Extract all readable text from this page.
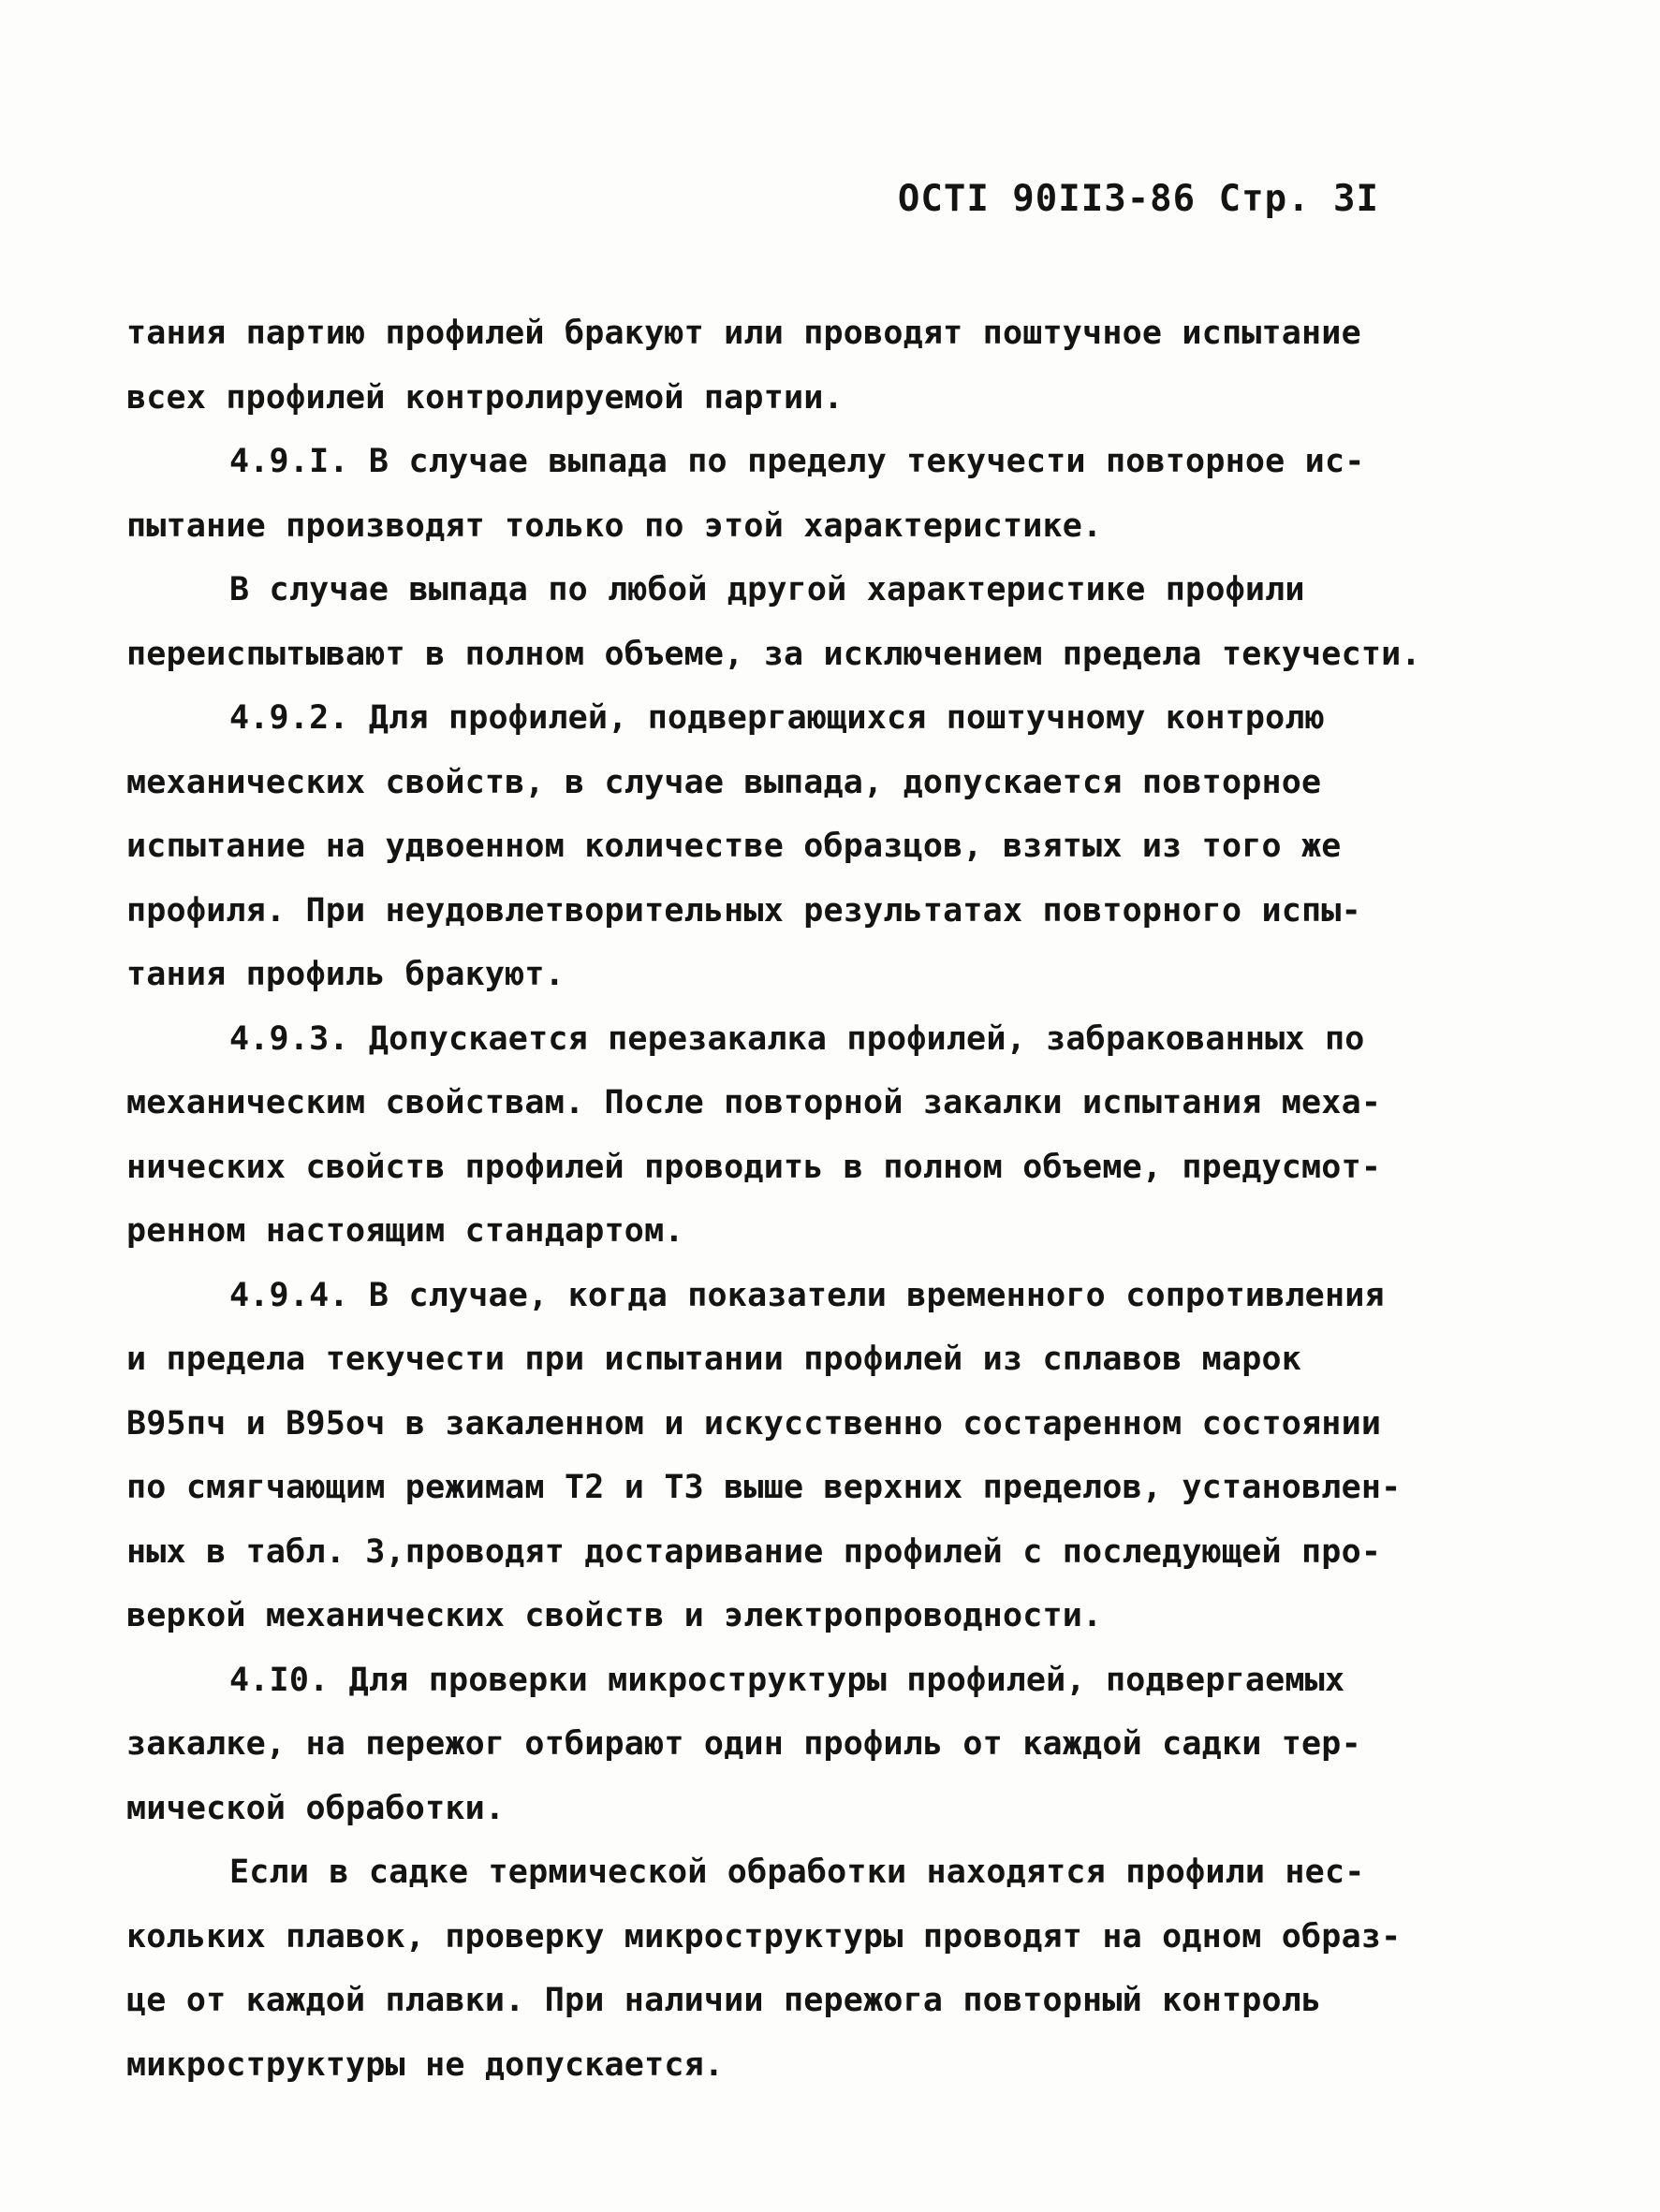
ОСТI 90II3-86 Стр. 3I
тания партию профилей бракуют или проводят поштучное испытание
всех профилей контролируемой партии.
4.9.I. В случае выпада по пределу текучести повторное ис-
пытание производят только по этой характеристике.
В случае выпада по любой другой характеристике профили
переиспытывают в полном объеме, за исключением предела текучести.
4.9.2. Для профилей, подвергающихся поштучному контролю
механических свойств, в случае выпада, допускается повторное
испытание на удвоенном количестве образцов, взятых из того же
профиля. При неудовлетворительных результатах повторного испы-
тания профиль бракуют.
4.9.3. Допускается перезакалка профилей, забракованных по
механическим свойствам. После повторной закалки испытания меха-
нических свойств профилей проводить в полном объеме, предусмот-
ренном настоящим стандартом.
4.9.4. В случае, когда показатели временного сопротивления
и предела текучести при испытании профилей из сплавов марок
В95пч и В95оч в закаленном и искусственно состаренном состоянии
по смягчающим режимам Т2 и Т3 выше верхних пределов, установлен-
ных в табл. 3,проводят достаривание профилей с последующей про-
веркой механических свойств и электропроводности.
4.I0. Для проверки микроструктуры профилей, подвергаемых
закалке, на пережог отбирают один профиль от каждой садки тер-
мической обработки.
Если в садке термической обработки находятся профили нес-
кольких плавок, проверку микроструктуры проводят на одном образ-
це от каждой плавки. При наличии пережога повторный контроль
микроструктуры не допускается.
